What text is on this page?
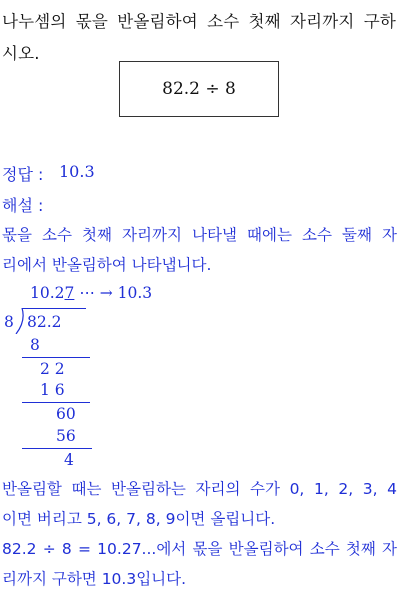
나누셈의 몫을 반올림하여 소수 첫째 자리까지 구하
시오.
82.2 ÷ 8
정답 : 10.3
해설 :
몫을 소수 첫째 자리까지 나타낼 때에는 소수 둘째 자
리에서 반올림하여 나타냅니다.
10.27 ⋯ → 10.3
8 82.2
8
2 2
1 6
60
56
4
반올림할 때는 반올림하는 자리의 수가 0, 1, 2, 3, 4
이면 버리고 5, 6, 7, 8, 9이면 올립니다.
82.2 ÷ 8 = 10.27...에서 몫을 반올림하여 소수 첫째 자
리까지 구하면 10.3입니다.
